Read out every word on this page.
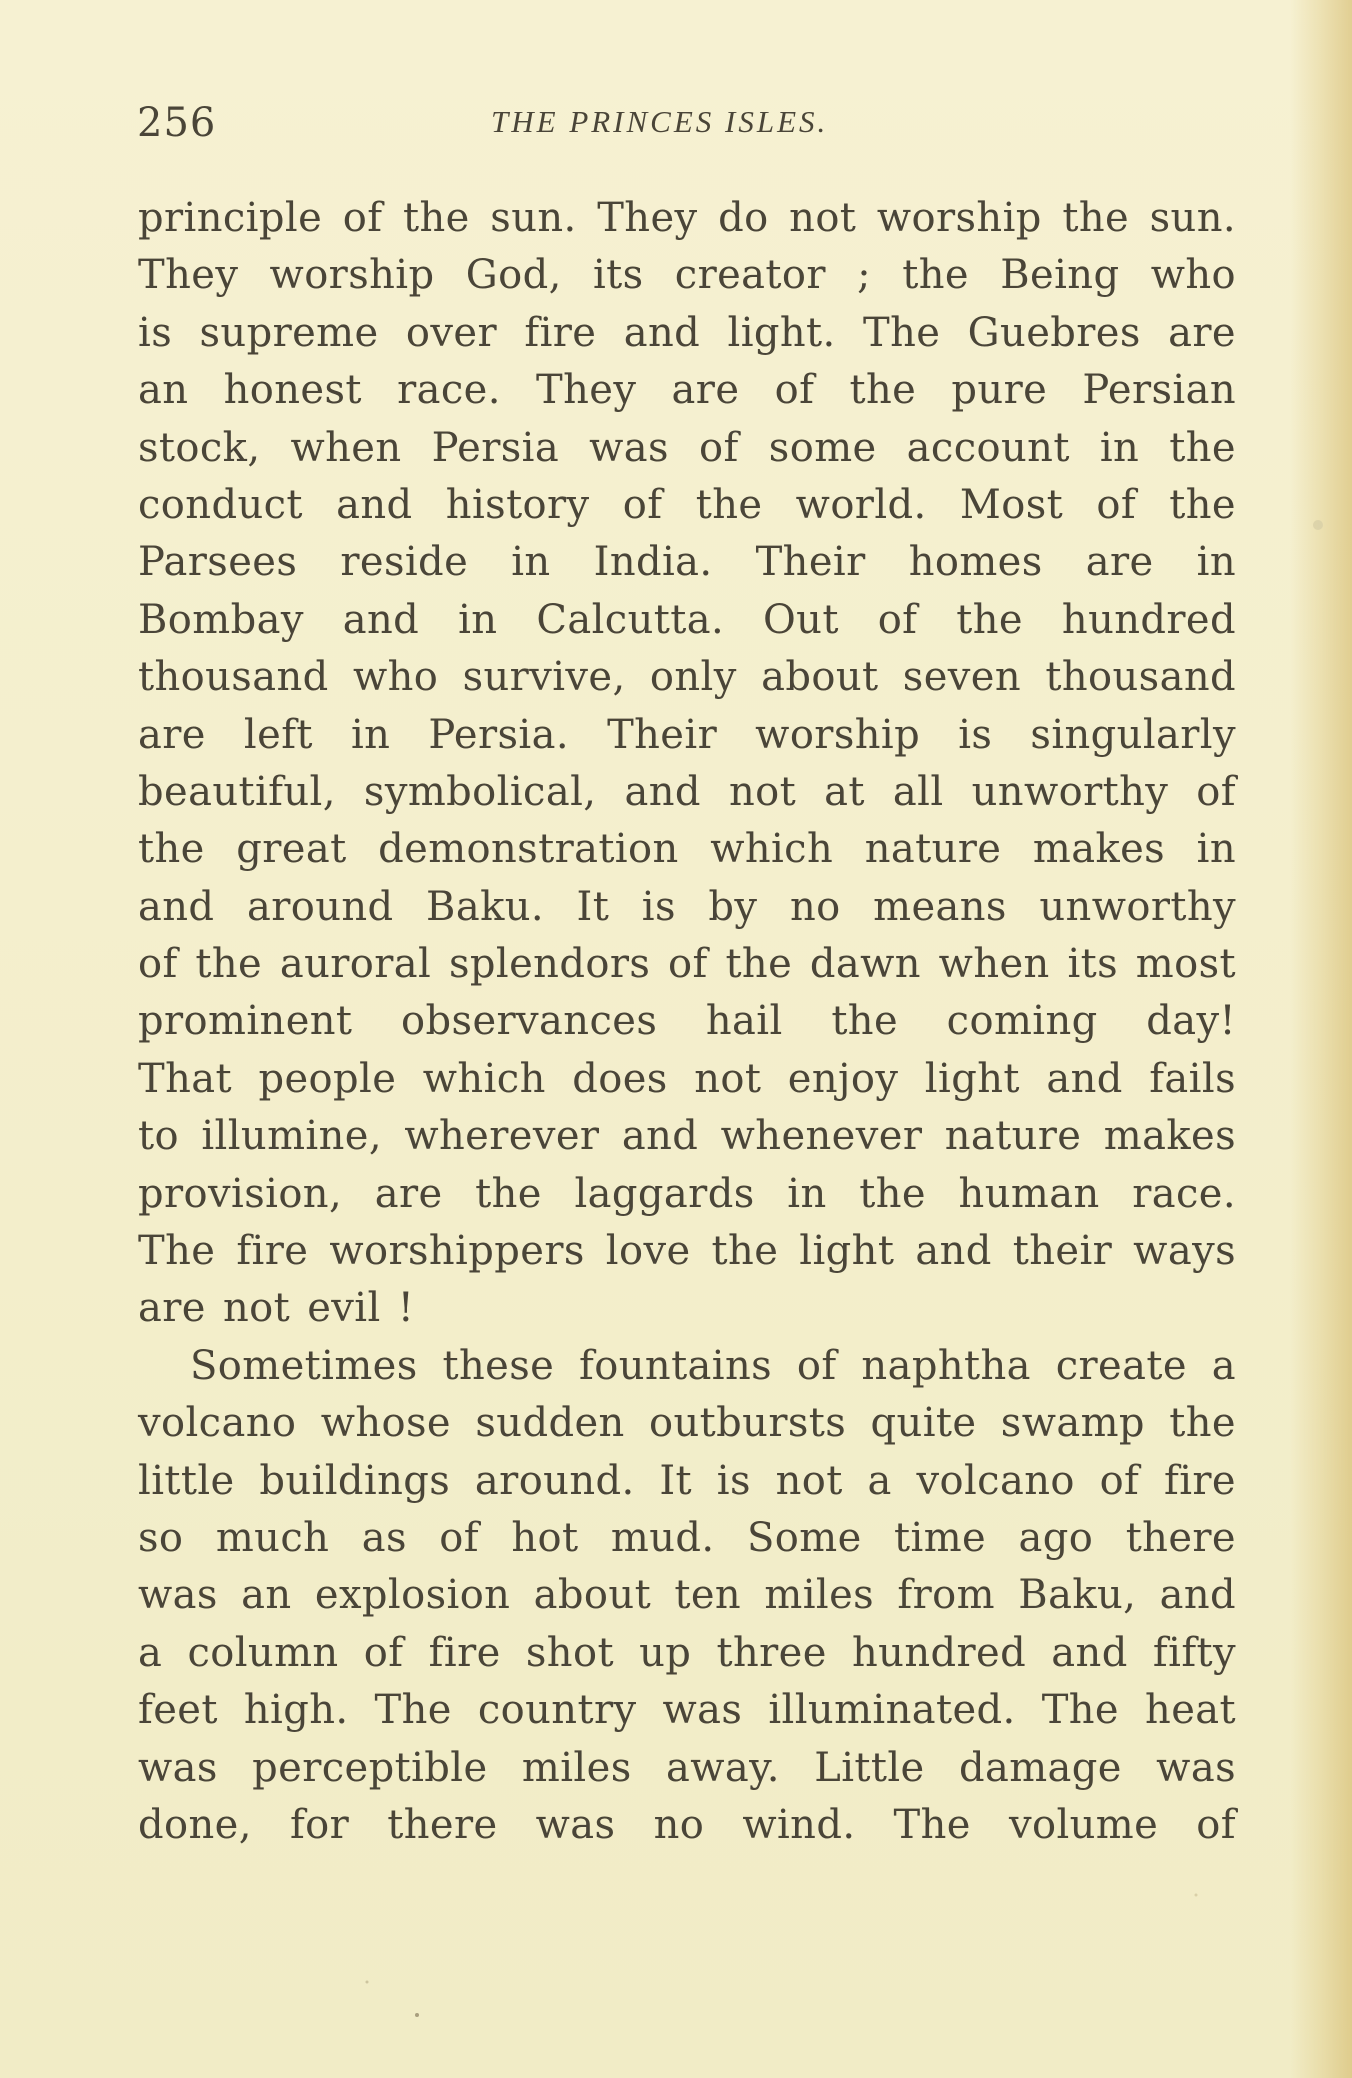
256	THE PRINCES ISLES.
principle of the sun. They do not worship the sun.
They worship God, its creator ; the Being who
is supreme over fire and light. The Guebres are
an honest race. They are of the pure Persian
stock, when Persia was of some account in the
conduct and history of the world. Most of the
Parsees reside in India. Their homes are in
Bombay and in Calcutta. Out of the hundred
thousand who survive, only about seven thousand
are left in Persia. Their worship is singularly
beautiful, symbolical, and not at all unworthy of
the great demonstration which nature makes in
and around Baku. It is by no means unworthy
of the auroral splendors of the dawn when its most
prominent observances hail the coming day!
That people which does not enjoy light and fails
to illumine, wherever and whenever nature makes
provision, are the laggards in the human race.
The fire worshippers love the light and their ways
are not evil !
Sometimes these fountains of naphtha create a
volcano whose sudden outbursts quite swamp the
little buildings around. It is not a volcano of fire
so much as of hot mud. Some time ago there
was an explosion about ten miles from Baku, and
a column of fire shot up three hundred and fifty
feet high. The country was illuminated. The heat
was perceptible miles away. Little damage was
done, for there was no wind. The volume of
